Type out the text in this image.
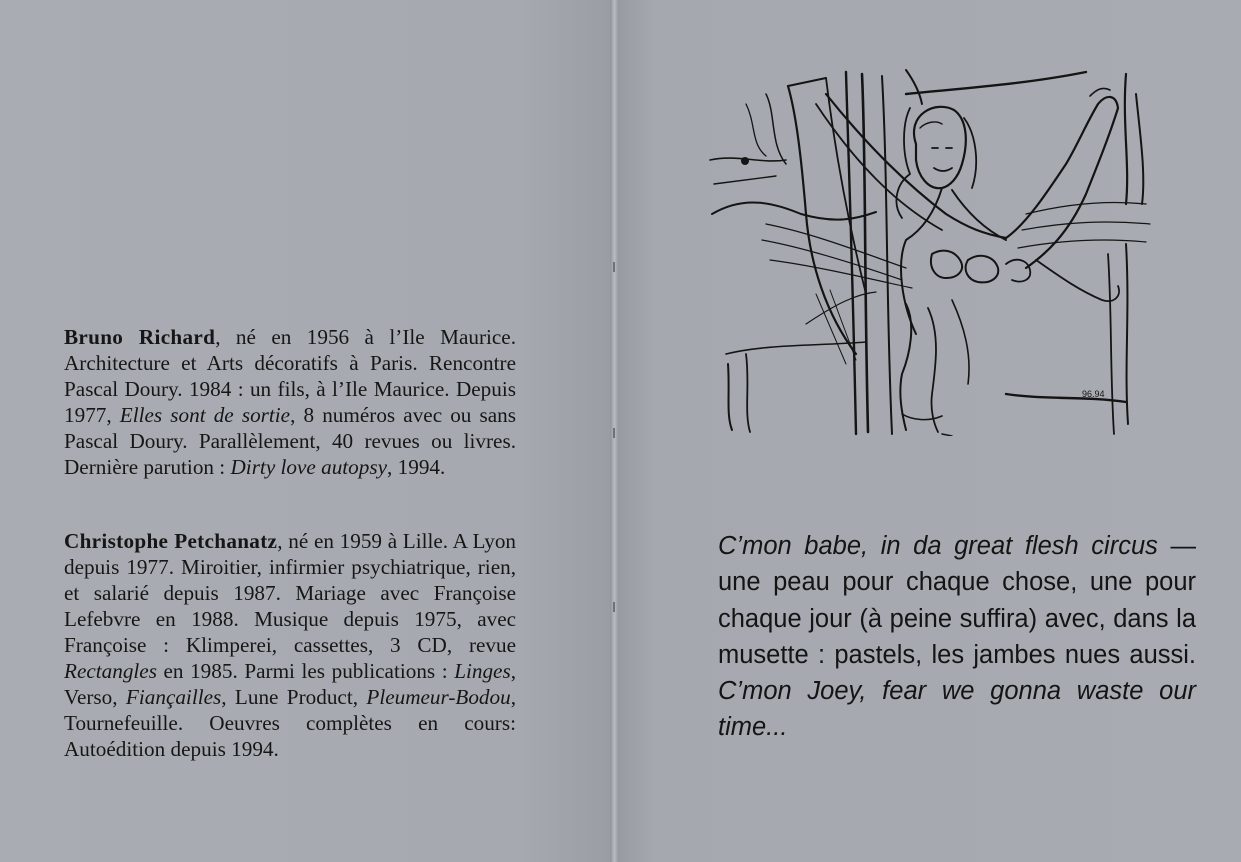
Bruno Richard, né en 1956 à l’Ile Maurice. Architecture et Arts décoratifs à Paris. Rencontre Pascal Doury. 1984 : un fils, à l’Ile Maurice. Depuis 1977, Elles sont de sortie, 8 numéros avec ou sans Pascal Doury. Parallèlement, 40 revues ou livres. Dernière parution : Dirty love autopsy, 1994.

Christophe Petchanatz, né en 1959 à Lille. A Lyon depuis 1977. Miroitier, infirmier psychiatrique, rien, et salarié depuis 1987. Mariage avec Françoise Lefebvre en 1988. Musique depuis 1975, avec Françoise : Klimperei, cassettes, 3 CD, revue Rectangles en 1985. Parmi les publications : Linges, Verso, Fiançailles, Lune Product, Pleumeur-Bodou, Tournefeuille. Oeuvres complètes en cours: Autoédition depuis 1994.

96.94

C’mon babe, in da great flesh circus — une peau pour chaque chose, une pour chaque jour (à peine suffira) avec, dans la musette : pastels, les jambes nues aussi. C’mon Joey, fear we gonna waste our time...
